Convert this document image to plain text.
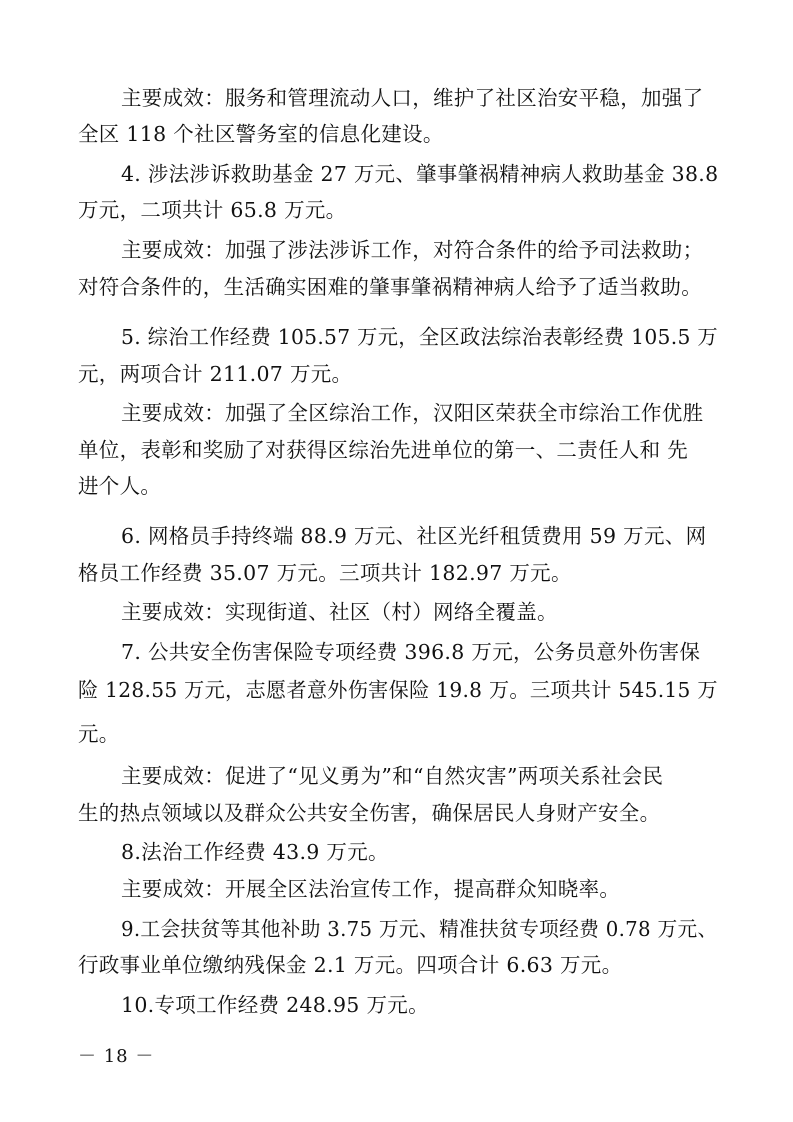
主要成效：服务和管理流动人口，维护了社区治安平稳，加强了
全区 118 个社区警务室的信息化建设。
4. 涉法涉诉救助基金 27 万元、肇事肇祸精神病人救助基金 38.8
万元，二项共计 65.8 万元。
主要成效：加强了涉法涉诉工作，对符合条件的给予司法救助；
对符合条件的，生活确实困难的肇事肇祸精神病人给予了适当救助。
5. 综治工作经费 105.57 万元，全区政法综治表彰经费 105.5 万
元，两项合计 211.07 万元。
主要成效：加强了全区综治工作，汉阳区荣获全市综治工作优胜
单位，表彰和奖励了对获得区综治先进单位的第一、二责任人和 先
进个人。
6. 网格员手持终端 88.9 万元、社区光纤租赁费用 59 万元、网
格员工作经费 35.07 万元。三项共计 182.97 万元。
主要成效：实现街道、社区（村）网络全覆盖。
7. 公共安全伤害保险专项经费 396.8 万元，公务员意外伤害保
险 128.55 万元，志愿者意外伤害保险 19.8 万。三项共计 545.15 万
元。
主要成效：促进了“见义勇为”和“自然灾害”两项关系社会民
生的热点领域以及群众公共安全伤害，确保居民人身财产安全。
8.法治工作经费 43.9 万元。
主要成效：开展全区法治宣传工作，提高群众知晓率。
9.工会扶贫等其他补助 3.75 万元、精准扶贫专项经费 0.78 万元、
行政事业单位缴纳残保金 2.1 万元。四项合计 6.63 万元。
10.专项工作经费 248.95 万元。
－ 18 －
